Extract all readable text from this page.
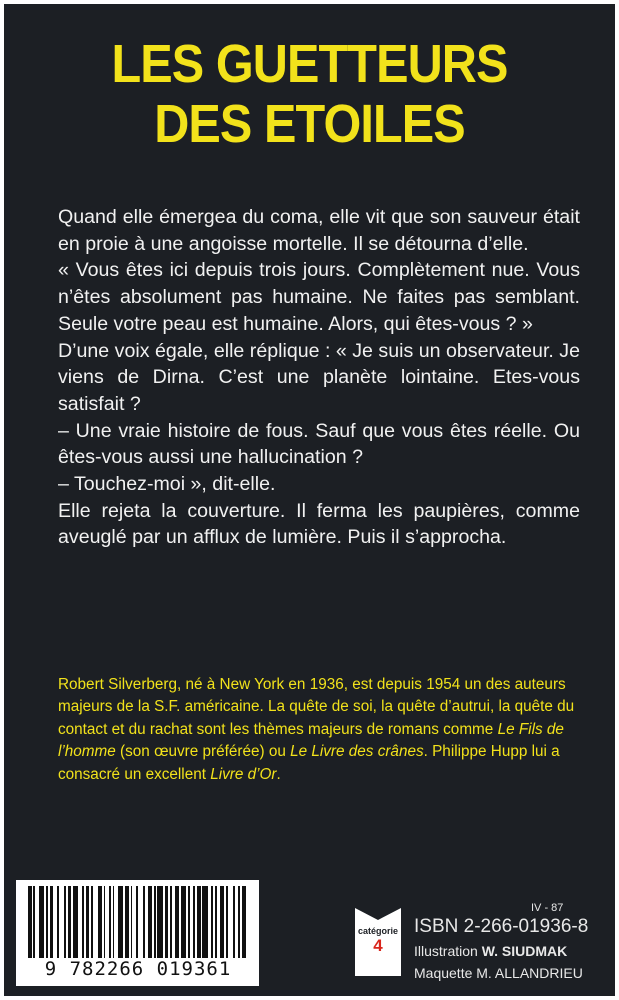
LES GUETTEURS
DES ETOILES

Quand elle émergea du coma, elle vit que son sauveur était en proie à une angoisse mortelle. Il se détourna d’elle.

« Vous êtes ici depuis trois jours. Complètement nue. Vous n’êtes absolument pas humaine. Ne faites pas semblant. Seule votre peau est humaine. Alors, qui êtes-vous ? »

D’une voix égale, elle réplique : « Je suis un observateur. Je viens de Dirna. C’est une planète lointaine. Etes-vous satisfait ?

– Une vraie histoire de fous. Sauf que vous êtes réelle. Ou êtes-vous aussi une hallucination ?

– Touchez-moi », dit-elle.

Elle rejeta la couverture. Il ferma les paupières, comme aveuglé par un afflux de lumière. Puis il s’approcha.

Robert Silverberg, né à New York en 1936, est depuis 1954 un des auteurs majeurs de la S.F. américaine. La quête de soi, la quête d’autrui, la quête du contact et du rachat sont les thèmes majeurs de romans comme Le Fils de l’homme (son œuvre préférée) ou Le Livre des crânes. Philippe Hupp lui a consacré un excellent Livre d’Or.

9 782266 019361
catégorie
4
IV - 87
ISBN 2-266-01936-8
Illustration W. SIUDMAK
Maquette M. ALLANDRIEU
